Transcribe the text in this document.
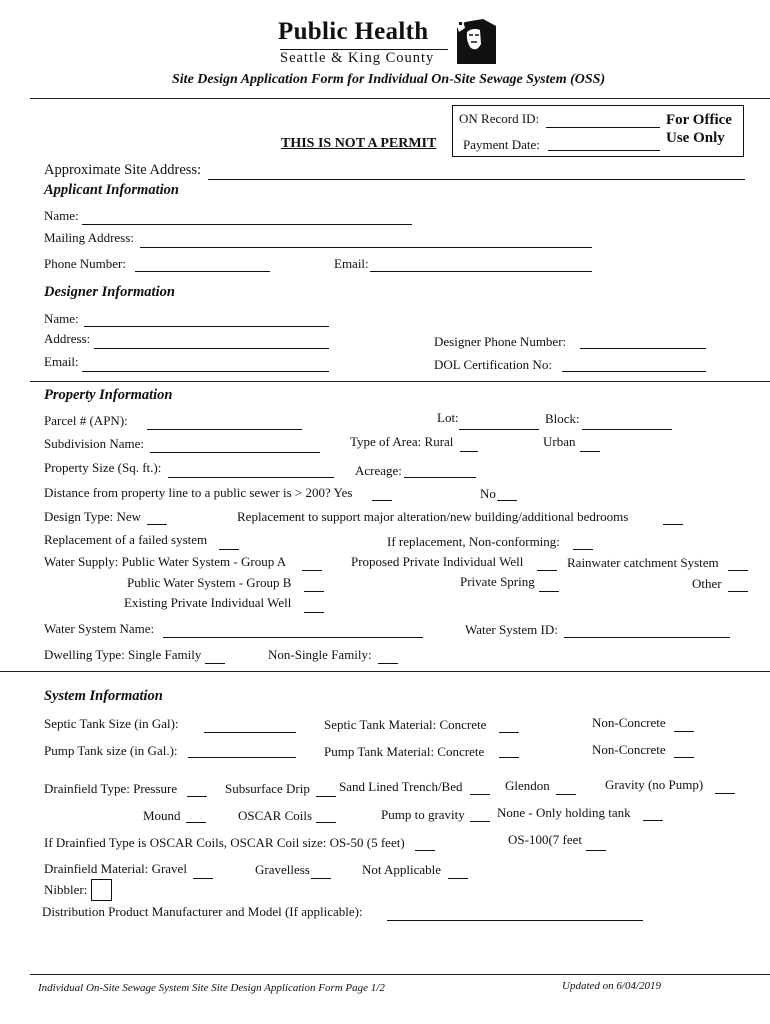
Public Health
Seattle & King County
Site Design Application Form for Individual On-Site Sewage System (OSS)
ON Record ID:
Payment Date:
For Office
Use Only
THIS IS NOT A PERMIT
Approximate Site Address:
Applicant Information
Name:
Mailing Address:
Phone Number:	Email:
Designer Information
Name:
Address:	Designer Phone Number:
Email:	DOL Certification No:
Property Information
Parcel # (APN):	Lot:	Block:
Subdivision Name:	Type of Area: Rural	Urban
Property Size (Sq. ft.):	Acreage:
Distance from property line to a public sewer is > 200? Yes	No
Design Type: New	Replacement to support major alteration/new building/additional bedrooms
Replacement of a failed system	If replacement, Non-conforming:
Water Supply: Public Water System - Group A	Proposed Private Individual Well	Rainwater catchment System
Public Water System - Group B	Private Spring	Other
Existing Private Individual Well
Water System Name:	Water System ID:
Dwelling Type: Single Family	Non-Single Family:
System Information
Septic Tank Size (in Gal):	Septic Tank Material: Concrete	Non-Concrete
Pump Tank size (in Gal.):	Pump Tank Material: Concrete	Non-Concrete
Drainfield Type: Pressure	Subsurface Drip Sand Lined Trench/Bed	Glendon	Gravity (no Pump)
Mound	OSCAR Coils	Pump to gravity None - Only holding tank
If Drainfied Type is OSCAR Coils, OSCAR Coil size: OS-50 (5 feet)	OS-100(7 feet
Drainfield Material: Gravel	Gravelless	Not Applicable
Nibbler:
Distribution Product Manufacturer and Model (If applicable):
Individual On-Site Sewage System Site Site Design Application Form Page 1/2	Updated on 6/04/2019
